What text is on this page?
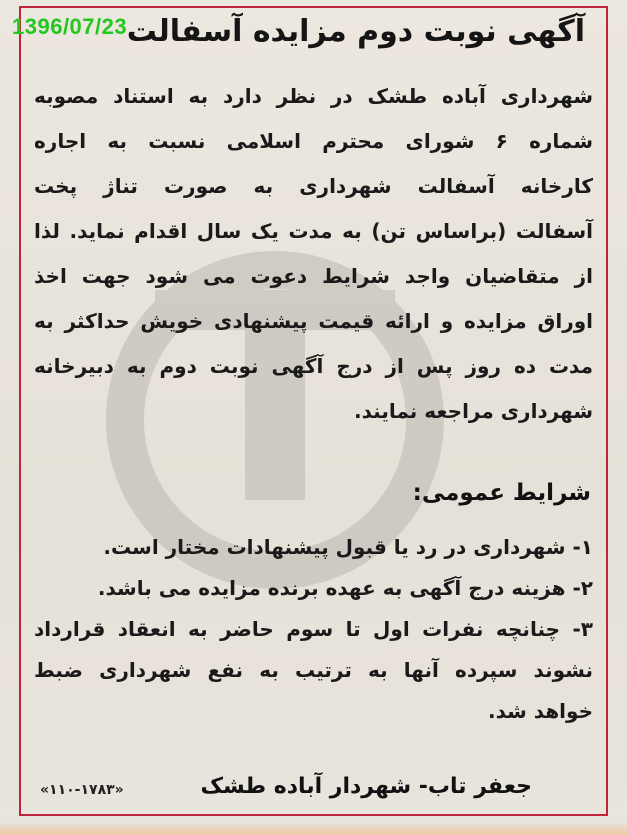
1396/07/23 آگهی نوبت دوم مزایده آسفالت
شهرداری آباده طشک در نظر دارد به استناد مصوبه
شماره ۶ شورای محترم اسلامی نسبت به اجاره
کارخانه آسفالت شهرداری به صورت تناژ پخت
آسفالت (براساس تن) به مدت یک سال اقدام نماید. لذا
از متقاضیان واجد شرایط دعوت می شود جهت اخذ
اوراق مزایده و ارائه قیمت پیشنهادی خویش حداکثر به
مدت ده روز پس از درج آگهی نوبت دوم به دبیرخانه
شهرداری مراجعه نمایند.
شرایط عمومی:
۱- شهرداری در رد یا قبول پیشنهادات مختار است.
۲- هزینه درج آگهی به عهده برنده مزایده می باشد.
۳- چنانچه نفرات اول تا سوم حاضر به انعقاد قرارداد
نشوند سپرده آنها به ترتیب به نفع شهرداری ضبط
خواهد شد.
جعفر تاب- شهردار آباده طشک
«۱۱۰-۱۷۸۳»
